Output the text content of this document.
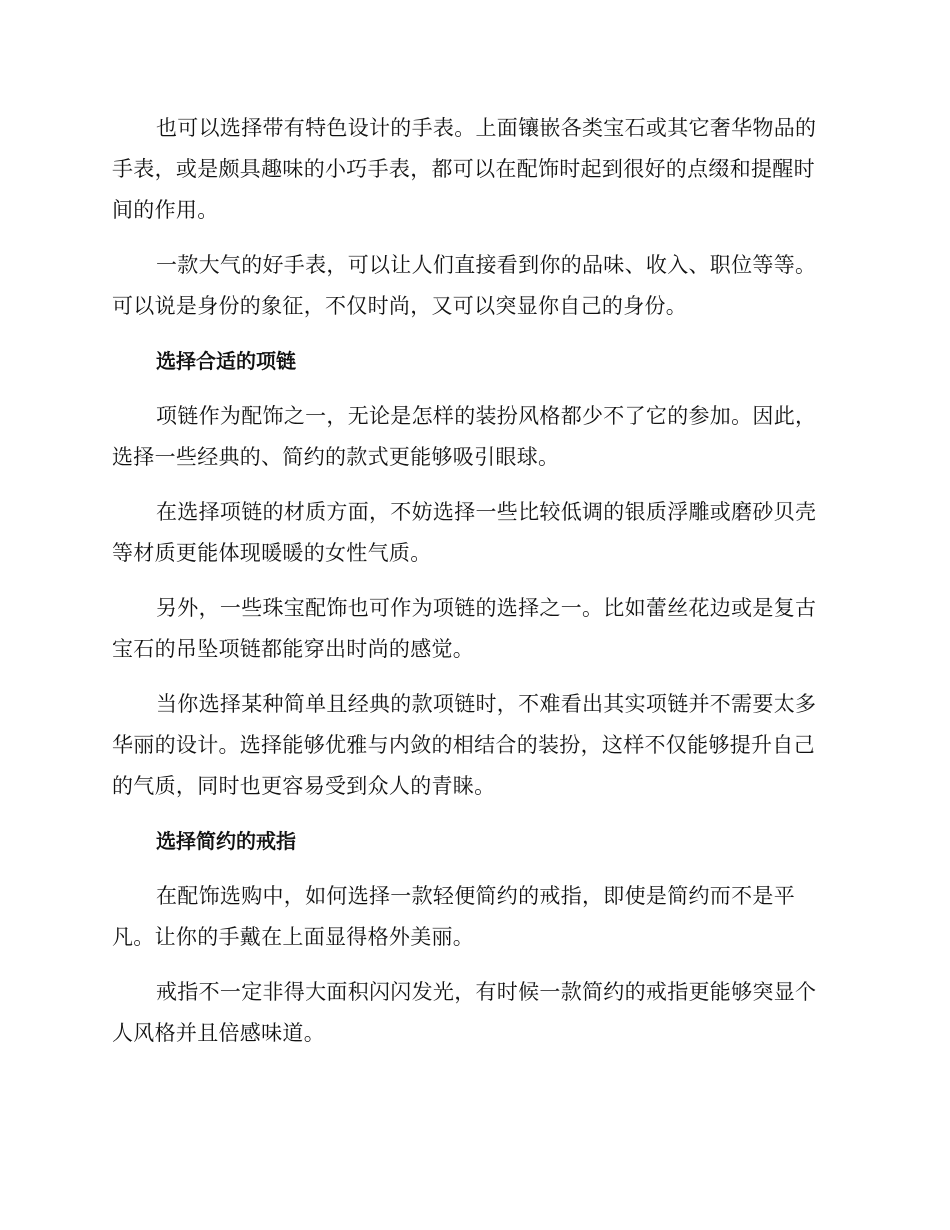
也可以选择带有特色设计的手表。上面镶嵌各类宝石或其它奢华物品的
手表，或是颇具趣味的小巧手表，都可以在配饰时起到很好的点缀和提醒时
间的作用。

一款大气的好手表，可以让人们直接看到你的品味、收入、职位等等。
可以说是身份的象征，不仅时尚，又可以突显你自己的身份。

选择合适的项链

项链作为配饰之一，无论是怎样的装扮风格都少不了它的参加。因此，
选择一些经典的、简约的款式更能够吸引眼球。

在选择项链的材质方面，不妨选择一些比较低调的银质浮雕或磨砂贝壳
等材质更能体现暖暖的女性气质。

另外，一些珠宝配饰也可作为项链的选择之一。比如蕾丝花边或是复古
宝石的吊坠项链都能穿出时尚的感觉。

当你选择某种简单且经典的款项链时，不难看出其实项链并不需要太多
华丽的设计。选择能够优雅与内敛的相结合的装扮，这样不仅能够提升自己
的气质，同时也更容易受到众人的青睐。

选择简约的戒指

在配饰选购中，如何选择一款轻便简约的戒指，即使是简约而不是平
凡。让你的手戴在上面显得格外美丽。

戒指不一定非得大面积闪闪发光，有时候一款简约的戒指更能够突显个
人风格并且倍感味道。
